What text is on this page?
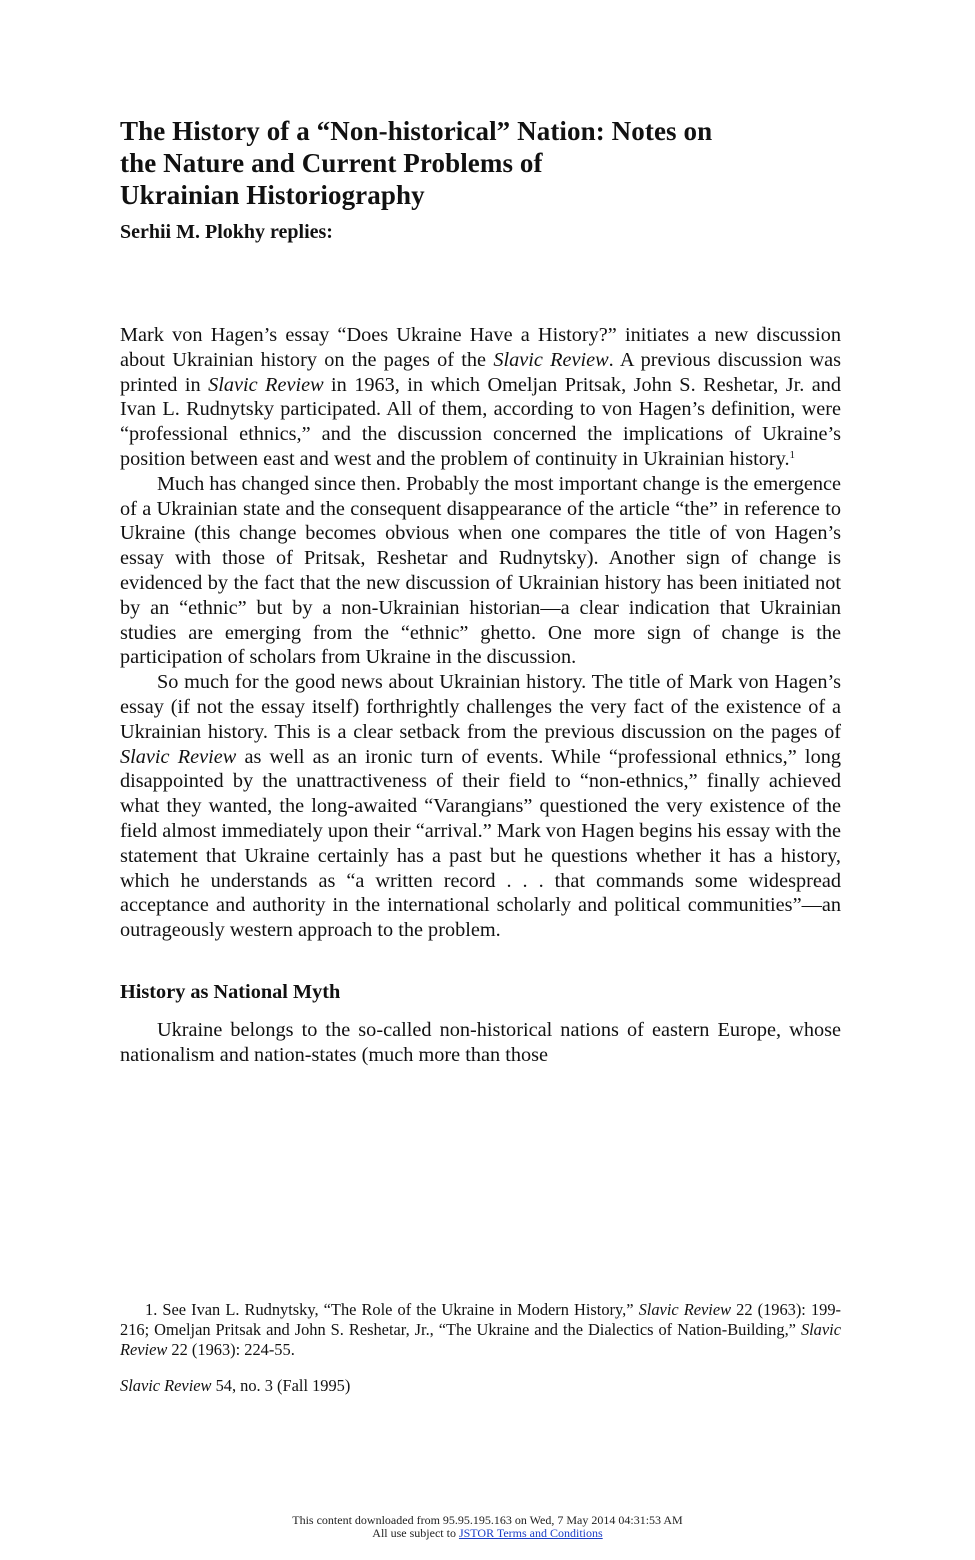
The History of a “Non-historical” Nation: Notes on
the Nature and Current Problems of
Ukrainian Historiography
Serhii M. Plokhy replies:

Mark von Hagen’s essay “Does Ukraine Have a History?” initiates a new discussion about Ukrainian history on the pages of the Slavic Review. A previous discussion was printed in Slavic Review in 1963, in which Omeljan Pritsak, John S. Reshetar, Jr. and Ivan L. Rudnytsky participated. All of them, according to von Hagen’s definition, were “professional ethnics,” and the discussion concerned the implications of Ukraine’s position between east and west and the problem of continuity in Ukrainian history.$^1$

Much has changed since then. Probably the most important change is the emergence of a Ukrainian state and the consequent disappearance of the article “the” in reference to Ukraine (this change becomes obvious when one compares the title of von Hagen’s essay with those of Pritsak, Reshetar and Rudnytsky). Another sign of change is evidenced by the fact that the new discussion of Ukrainian history has been initiated not by an “ethnic” but by a non-Ukrainian historian—a clear indication that Ukrainian studies are emerging from the “ethnic” ghetto. One more sign of change is the participation of scholars from Ukraine in the discussion.

So much for the good news about Ukrainian history. The title of Mark von Hagen’s essay (if not the essay itself) forthrightly challenges the very fact of the existence of a Ukrainian history. This is a clear setback from the previous discussion on the pages of Slavic Review as well as an ironic turn of events. While “professional ethnics,” long disappointed by the unattractiveness of their field to “non-ethnics,” finally achieved what they wanted, the long-awaited “Varangians” questioned the very existence of the field almost immediately upon their “arrival.” Mark von Hagen begins his essay with the statement that Ukraine certainly has a past but he questions whether it has a history, which he understands as “a written record . . . that commands some widespread acceptance and authority in the international scholarly and political communities”—an outrageously western approach to the problem.

History as National Myth

Ukraine belongs to the so-called non-historical nations of eastern Europe, whose nationalism and nation-states (much more than those

1. See Ivan L. Rudnytsky, “The Role of the Ukraine in Modern History,” Slavic Review 22 (1963): 199-216; Omeljan Pritsak and John S. Reshetar, Jr., “The Ukraine and the Dialectics of Nation-Building,” Slavic Review 22 (1963): 224-55.

Slavic Review 54, no. 3 (Fall 1995)
This content downloaded from 95.95.195.163 on Wed, 7 May 2014 04:31:53 AM
All use subject to JSTOR Terms and Conditions
